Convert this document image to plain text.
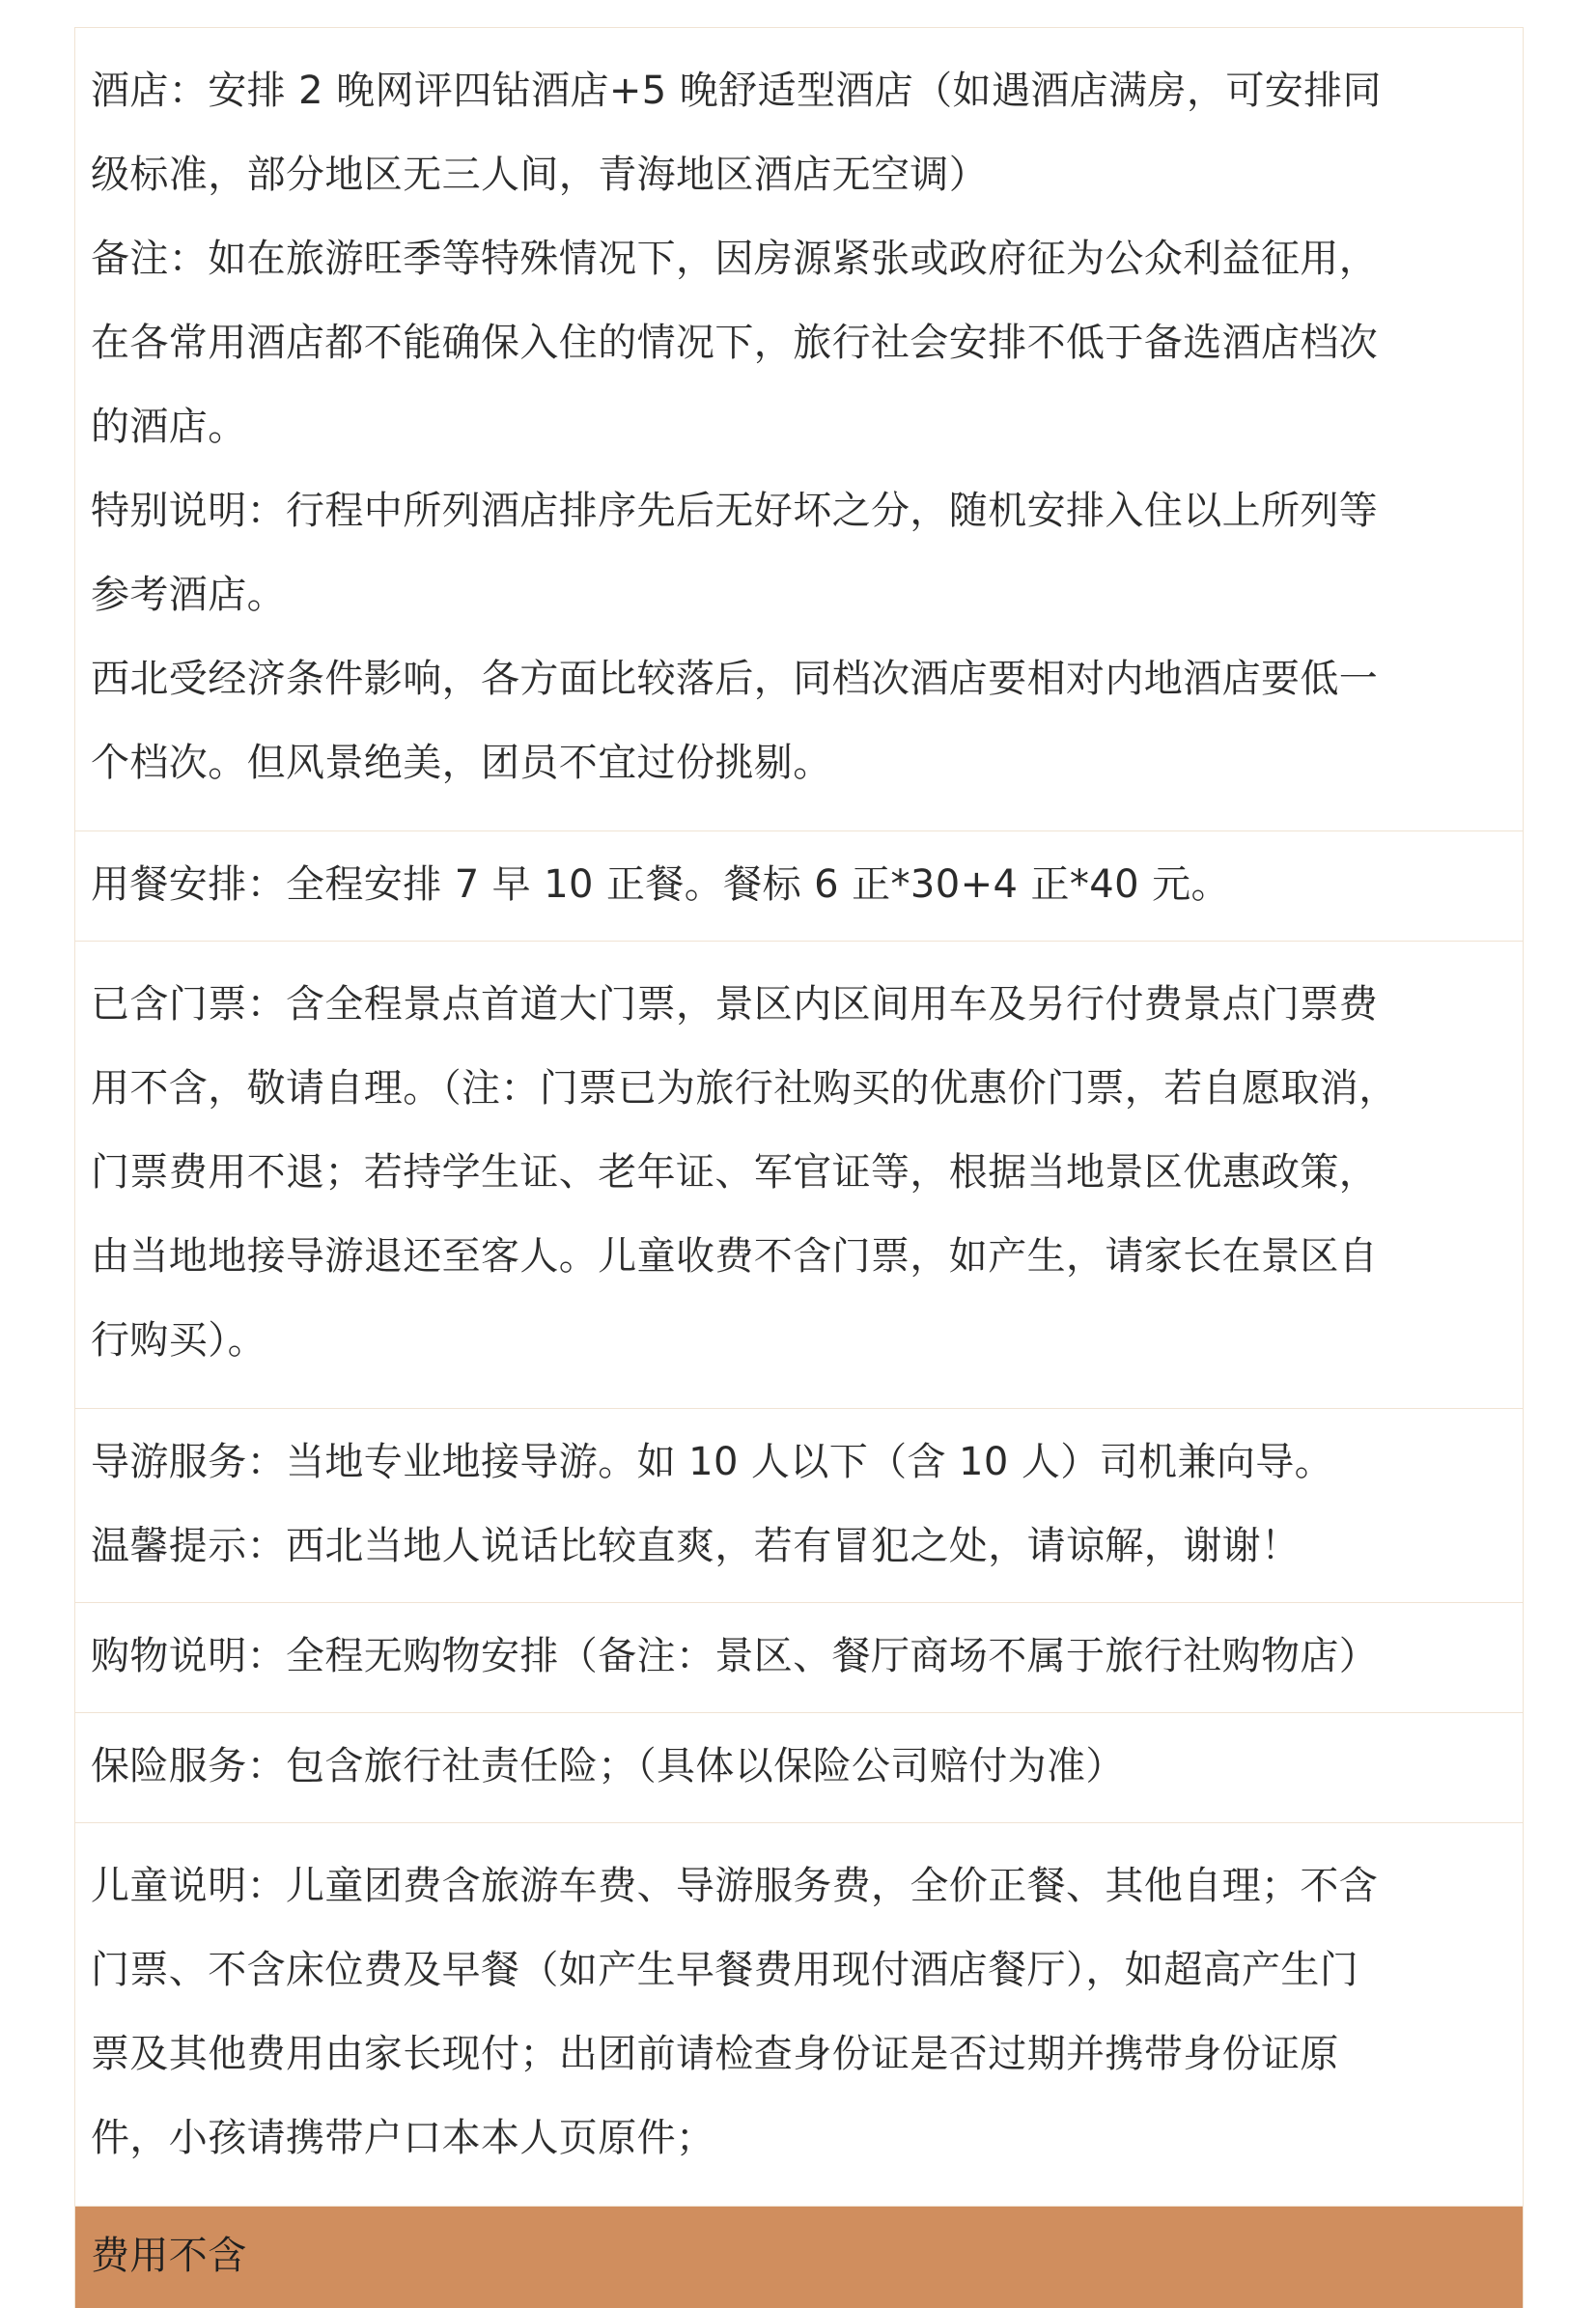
酒店：安排 2 晚网评四钻酒店+5 晚舒适型酒店（如遇酒店满房，可安排同

级标准，部分地区无三人间，青海地区酒店无空调）

备注：如在旅游旺季等特殊情况下，因房源紧张或政府征为公众利益征用，

在各常用酒店都不能确保入住的情况下，旅行社会安排不低于备选酒店档次

的酒店。

特别说明：行程中所列酒店排序先后无好坏之分，随机安排入住以上所列等

参考酒店。

西北受经济条件影响，各方面比较落后，同档次酒店要相对内地酒店要低一

个档次。但风景绝美，团员不宜过份挑剔。

用餐安排：全程安排 7 早 10 正餐。餐标 6 正*30+4 正*40 元。

已含门票：含全程景点首道大门票，景区内区间用车及另行付费景点门票费

用不含，敬请自理。（注：门票已为旅行社购买的优惠价门票，若自愿取消，

门票费用不退；若持学生证、老年证、军官证等，根据当地景区优惠政策，

由当地地接导游退还至客人。儿童收费不含门票，如产生，请家长在景区自

行购买）。

导游服务：当地专业地接导游。如 10 人以下（含 10 人）司机兼向导。

温馨提示：西北当地人说话比较直爽，若有冒犯之处，请谅解，谢谢！

购物说明：全程无购物安排（备注：景区、餐厅商场不属于旅行社购物店）

保险服务：包含旅行社责任险；（具体以保险公司赔付为准）

儿童说明：儿童团费含旅游车费、导游服务费，全价正餐、其他自理；不含

门票、不含床位费及早餐（如产生早餐费用现付酒店餐厅），如超高产生门

票及其他费用由家长现付；出团前请检查身份证是否过期并携带身份证原

件，小孩请携带户口本本人页原件；

费用不含
